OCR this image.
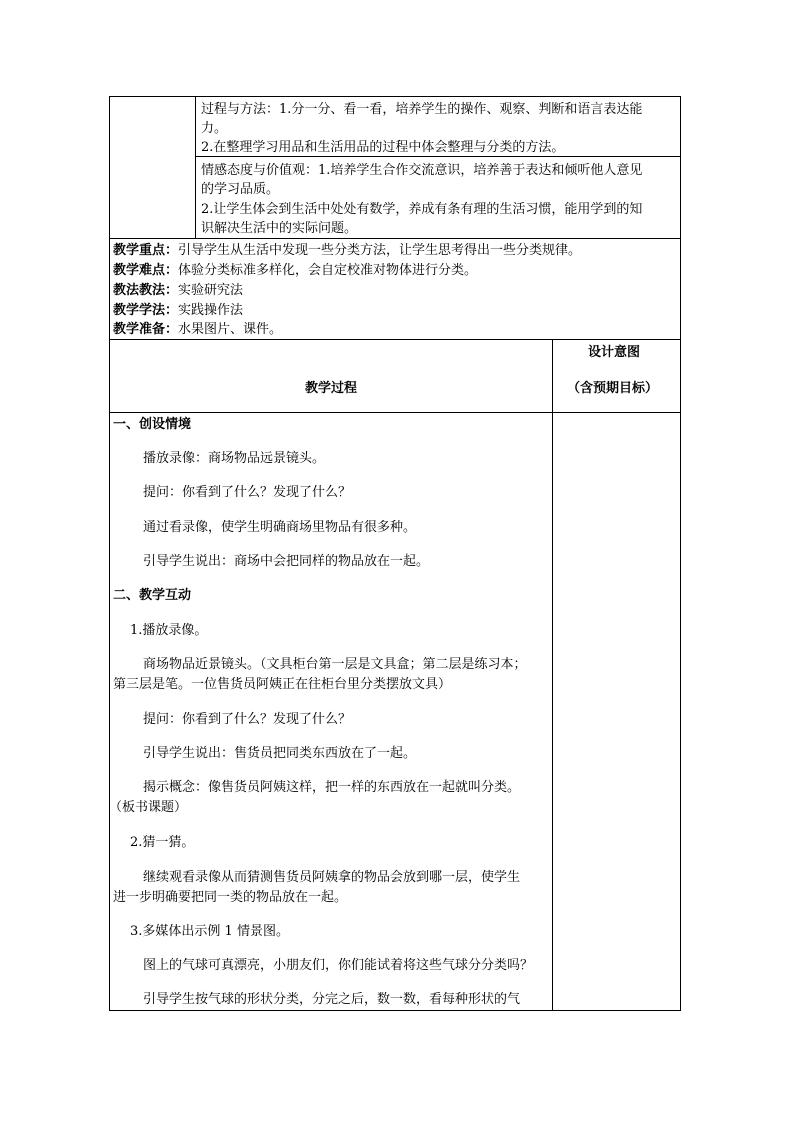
过程与方法：1.分一分、看一看，培养学生的操作、观察、判断和语言表达能
力。
2.在整理学习用品和生活用品的过程中体会整理与分类的方法。
情感态度与价值观：1.培养学生合作交流意识，培养善于表达和倾听他人意见
的学习品质。
2.让学生体会到生活中处处有数学，养成有条有理的生活习惯，能用学到的知
识解决生活中的实际问题。
教学重点：引导学生从生活中发现一些分类方法，让学生思考得出一些分类规律。
教学难点：体验分类标准多样化，会自定校准对物体进行分类。
教法教法：实验研究法
教学学法：实践操作法
教学准备：水果图片、课件。
教学过程
设计意图
（含预期目标）
一、创设情境
播放录像：商场物品远景镜头。
提问：你看到了什么？发现了什么？
通过看录像，使学生明确商场里物品有很多种。
引导学生说出：商场中会把同样的物品放在一起。
二、教学互动
1.播放录像。
商场物品近景镜头。（文具柜台第一层是文具盒；第二层是练习本；
第三层是笔。一位售货员阿姨正在往柜台里分类摆放文具）
提问：你看到了什么？发现了什么？
引导学生说出：售货员把同类东西放在了一起。
揭示概念：像售货员阿姨这样，把一样的东西放在一起就叫分类。
（板书课题）
2.猜一猜。
继续观看录像从而猜测售货员阿姨拿的物品会放到哪一层，使学生
进一步明确要把同一类的物品放在一起。
3.多媒体出示例 1 情景图。
图上的气球可真漂亮，小朋友们，你们能试着将这些气球分分类吗？
引导学生按气球的形状分类，分完之后，数一数，看每种形状的气
